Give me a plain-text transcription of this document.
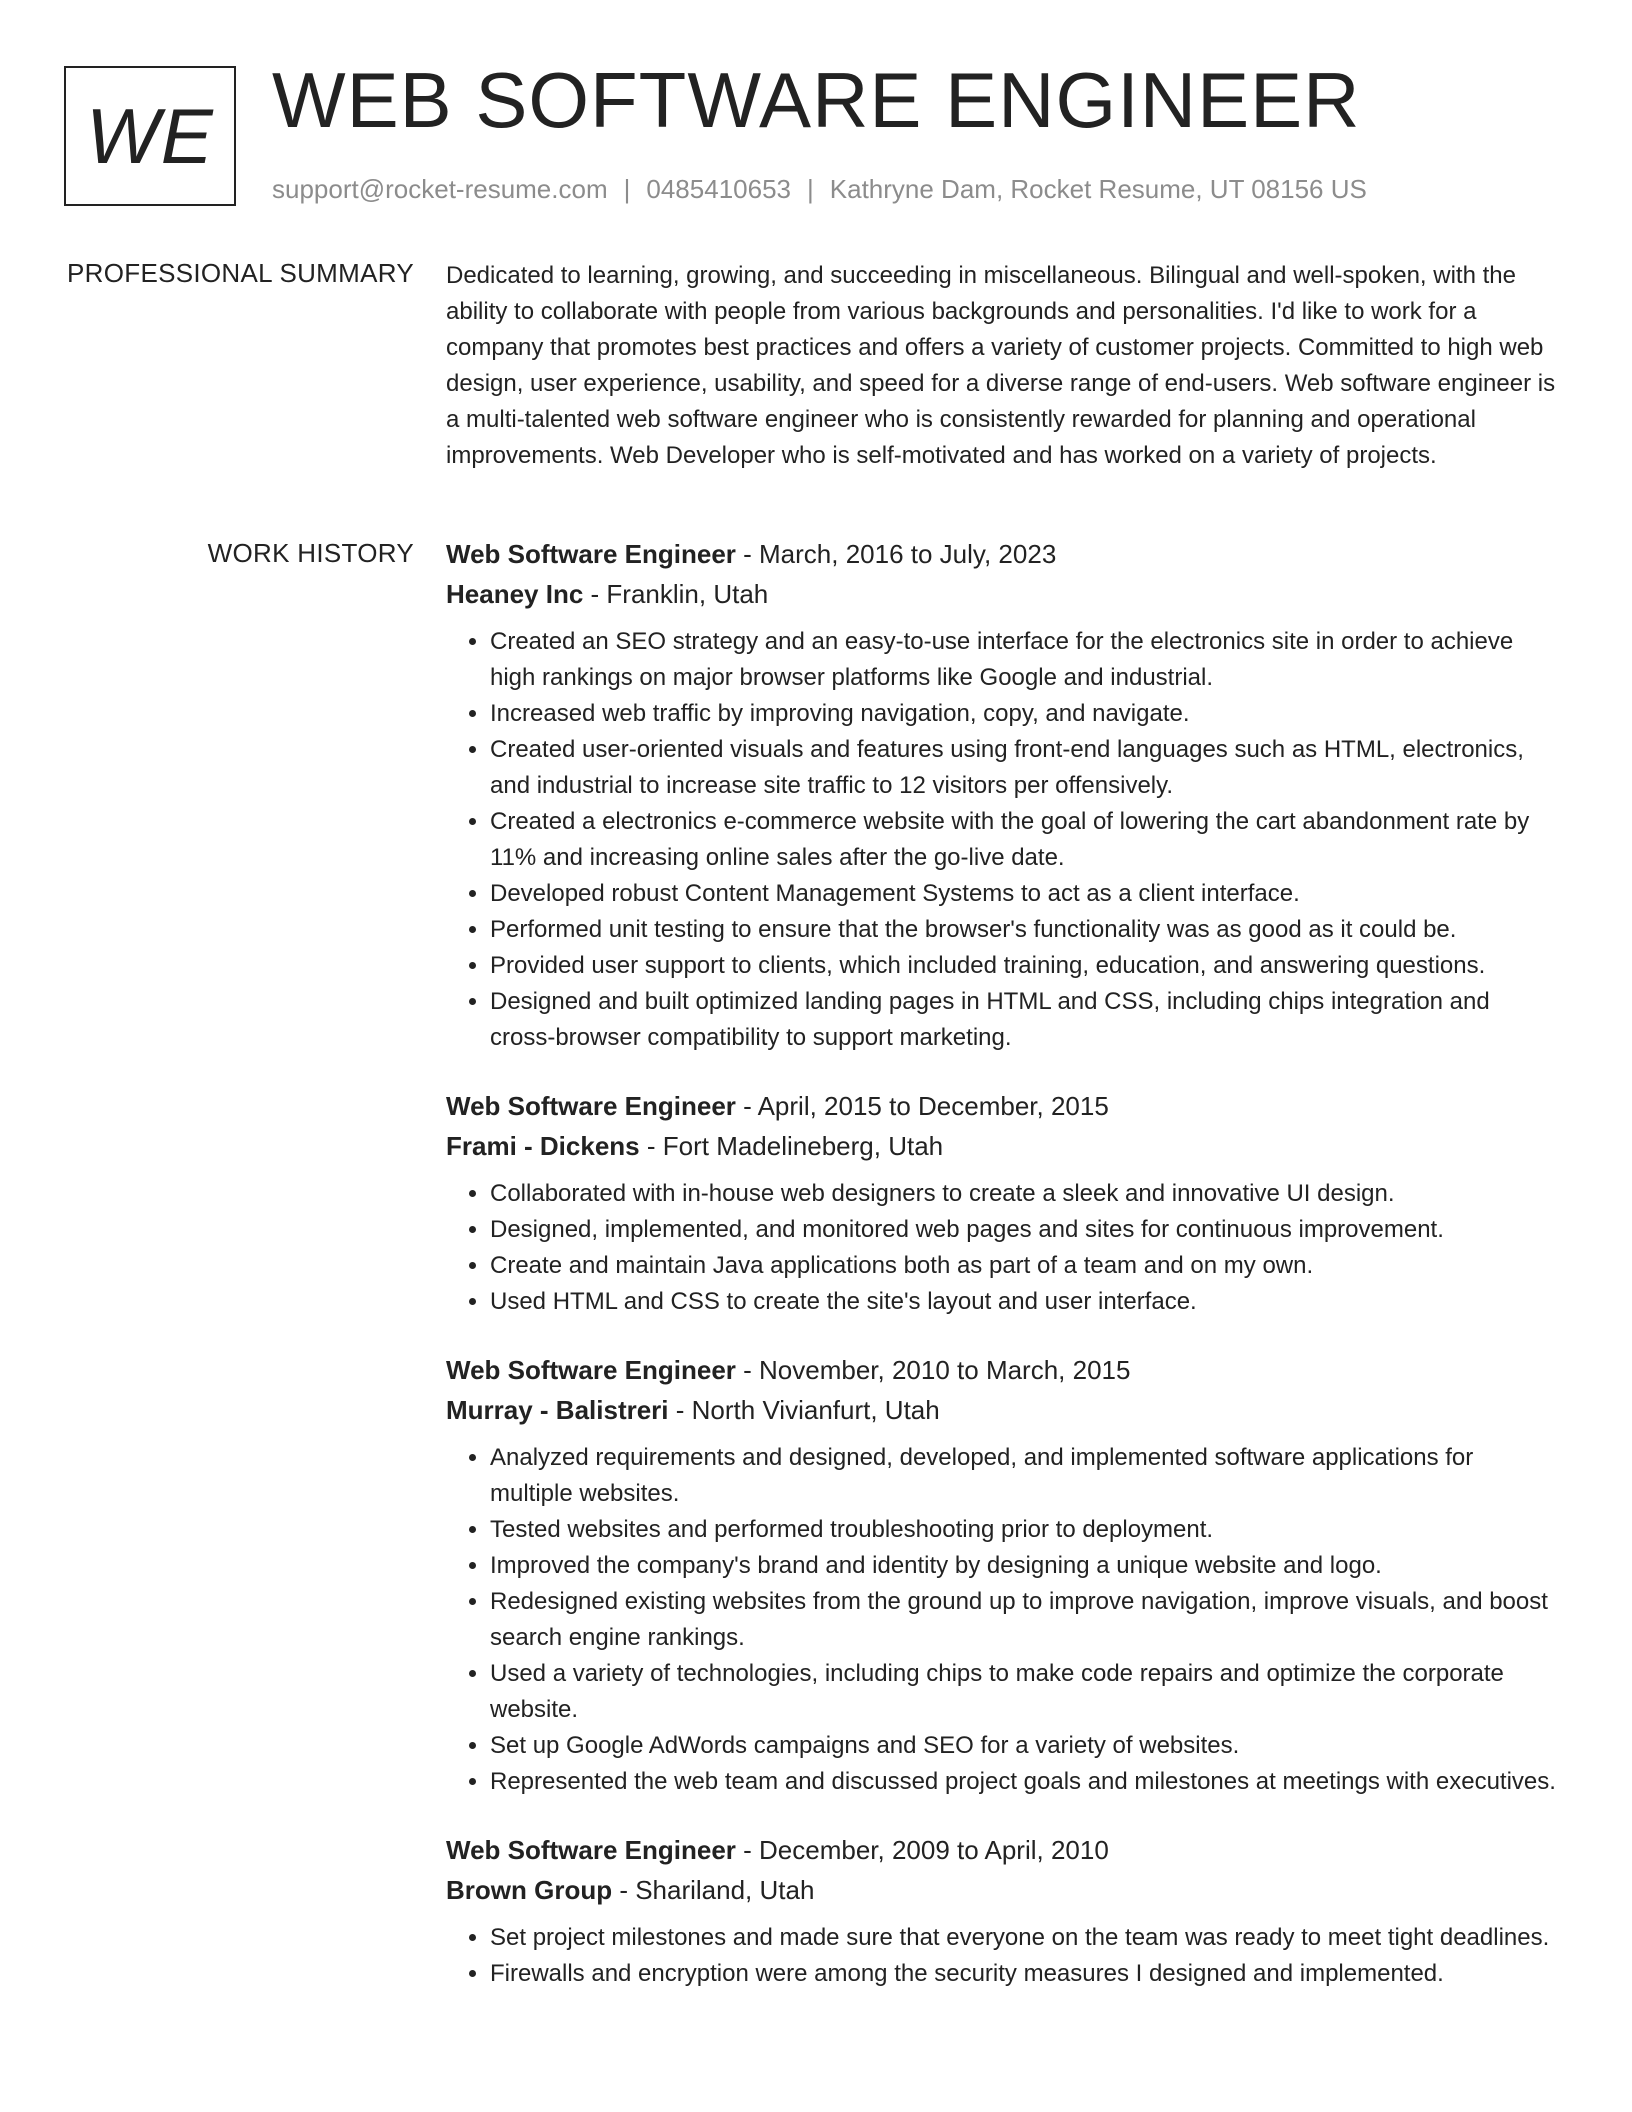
WE WEB SOFTWARE ENGINEER
support@rocket-resume.com | 0485410653 | Kathryne Dam, Rocket Resume, UT 08156 US
PROFESSIONAL SUMMARY Dedicated to learning, growing, and succeeding in miscellaneous. Bilingual and well-spoken, with the ability to collaborate with people from various backgrounds and personalities. I'd like to work for a company that promotes best practices and offers a variety of customer projects. Committed to high web design, user experience, usability, and speed for a diverse range of end-users. Web software engineer is a multi-talented web software engineer who is consistently rewarded for planning and operational improvements. Web Developer who is self-motivated and has worked on a variety of projects.

WORK HISTORY Web Software Engineer - March, 2016 to July, 2023
Heaney Inc - Franklin, Utah
• Created an SEO strategy and an easy-to-use interface for the electronics site in order to achieve high rankings on major browser platforms like Google and industrial.
• Increased web traffic by improving navigation, copy, and navigate.
• Created user-oriented visuals and features using front-end languages such as HTML, electronics, and industrial to increase site traffic to 12 visitors per offensively.
• Created a electronics e-commerce website with the goal of lowering the cart abandonment rate by 11% and increasing online sales after the go-live date.
• Developed robust Content Management Systems to act as a client interface.
• Performed unit testing to ensure that the browser's functionality was as good as it could be.
• Provided user support to clients, which included training, education, and answering questions.
• Designed and built optimized landing pages in HTML and CSS, including chips integration and cross-browser compatibility to support marketing.
Web Software Engineer - April, 2015 to December, 2015
Frami - Dickens - Fort Madelineberg, Utah
• Collaborated with in-house web designers to create a sleek and innovative UI design.
• Designed, implemented, and monitored web pages and sites for continuous improvement.
• Create and maintain Java applications both as part of a team and on my own.
• Used HTML and CSS to create the site's layout and user interface.
Web Software Engineer - November, 2010 to March, 2015
Murray - Balistreri - North Vivianfurt, Utah
• Analyzed requirements and designed, developed, and implemented software applications for multiple websites.
• Tested websites and performed troubleshooting prior to deployment.
• Improved the company's brand and identity by designing a unique website and logo.
• Redesigned existing websites from the ground up to improve navigation, improve visuals, and boost search engine rankings.
• Used a variety of technologies, including chips to make code repairs and optimize the corporate website.
• Set up Google AdWords campaigns and SEO for a variety of websites.
• Represented the web team and discussed project goals and milestones at meetings with executives.
Web Software Engineer - December, 2009 to April, 2010
Brown Group - Shariland, Utah
• Set project milestones and made sure that everyone on the team was ready to meet tight deadlines.
• Firewalls and encryption were among the security measures I designed and implemented.
